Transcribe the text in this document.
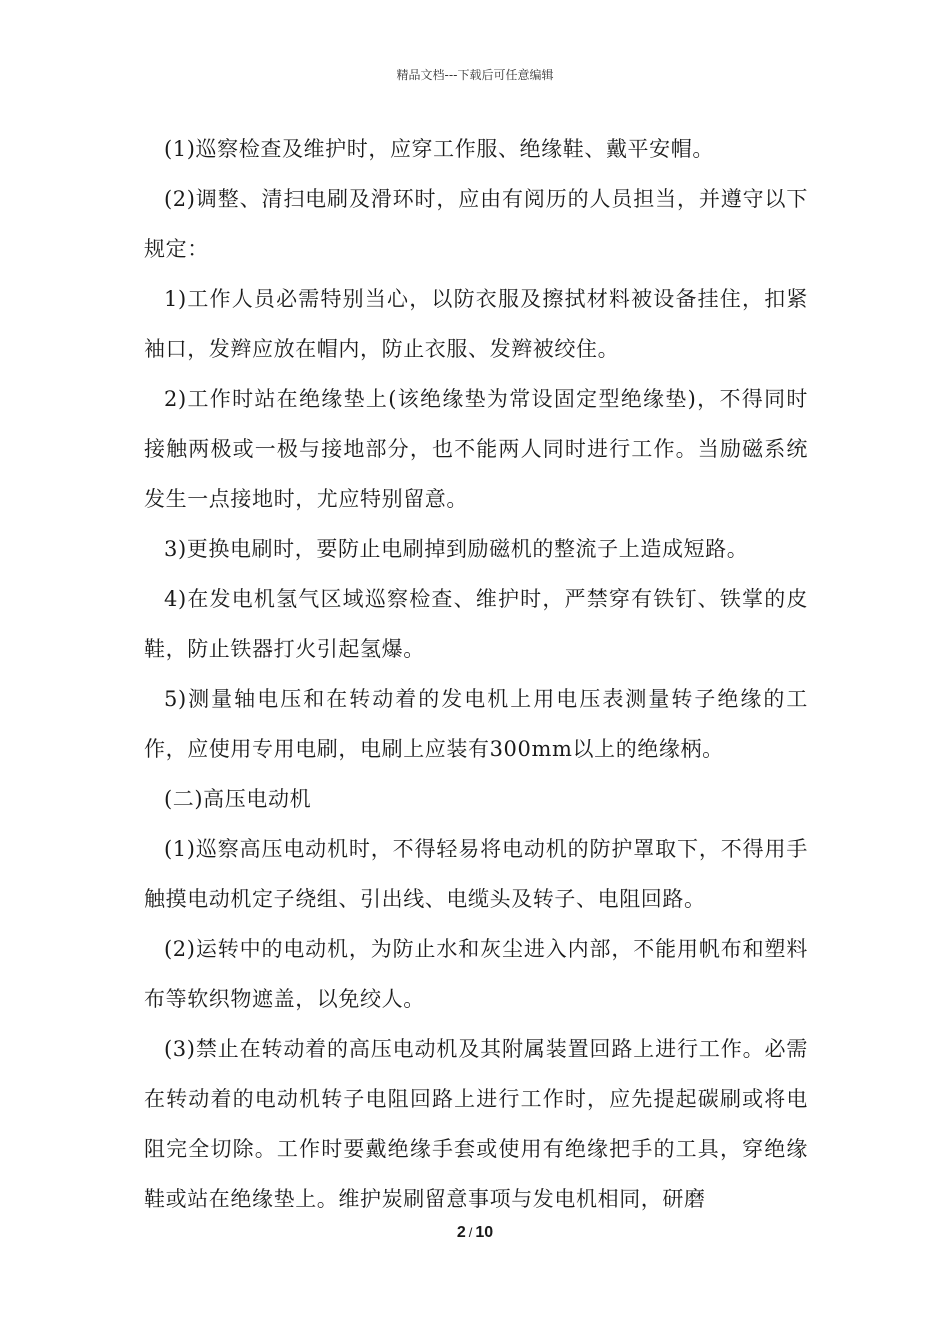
精品文档---下载后可任意编辑

(1)巡察检查及维护时，应穿工作服、绝缘鞋、戴平安帽。

(2)调整、清扫电刷及滑环时，应由有阅历的人员担当，并遵守以下规定：

1)工作人员必需特别当心，以防衣服及擦拭材料被设备挂住，扣紧袖口，发辫应放在帽内，防止衣服、发辫被绞住。

2)工作时站在绝缘垫上(该绝缘垫为常设固定型绝缘垫)，不得同时接触两极或一极与接地部分，也不能两人同时进行工作。当励磁系统发生一点接地时，尤应特别留意。

3)更换电刷时，要防止电刷掉到励磁机的整流子上造成短路。

4)在发电机氢气区域巡察检查、维护时，严禁穿有铁钉、铁掌的皮鞋，防止铁器打火引起氢爆。

5)测量轴电压和在转动着的发电机上用电压表测量转子绝缘的工作，应使用专用电刷，电刷上应装有300mm以上的绝缘柄。

(二)高压电动机

(1)巡察高压电动机时，不得轻易将电动机的防护罩取下，不得用手触摸电动机定子绕组、引出线、电缆头及转子、电阻回路。

(2)运转中的电动机，为防止水和灰尘进入内部，不能用帆布和塑料布等软织物遮盖，以免绞人。

(3)禁止在转动着的高压电动机及其附属装置回路上进行工作。必需在转动着的电动机转子电阻回路上进行工作时，应先提起碳刷或将电阻完全切除。工作时要戴绝缘手套或使用有绝缘把手的工具，穿绝缘鞋或站在绝缘垫上。维护炭刷留意事项与发电机相同，研磨

2 / 10
